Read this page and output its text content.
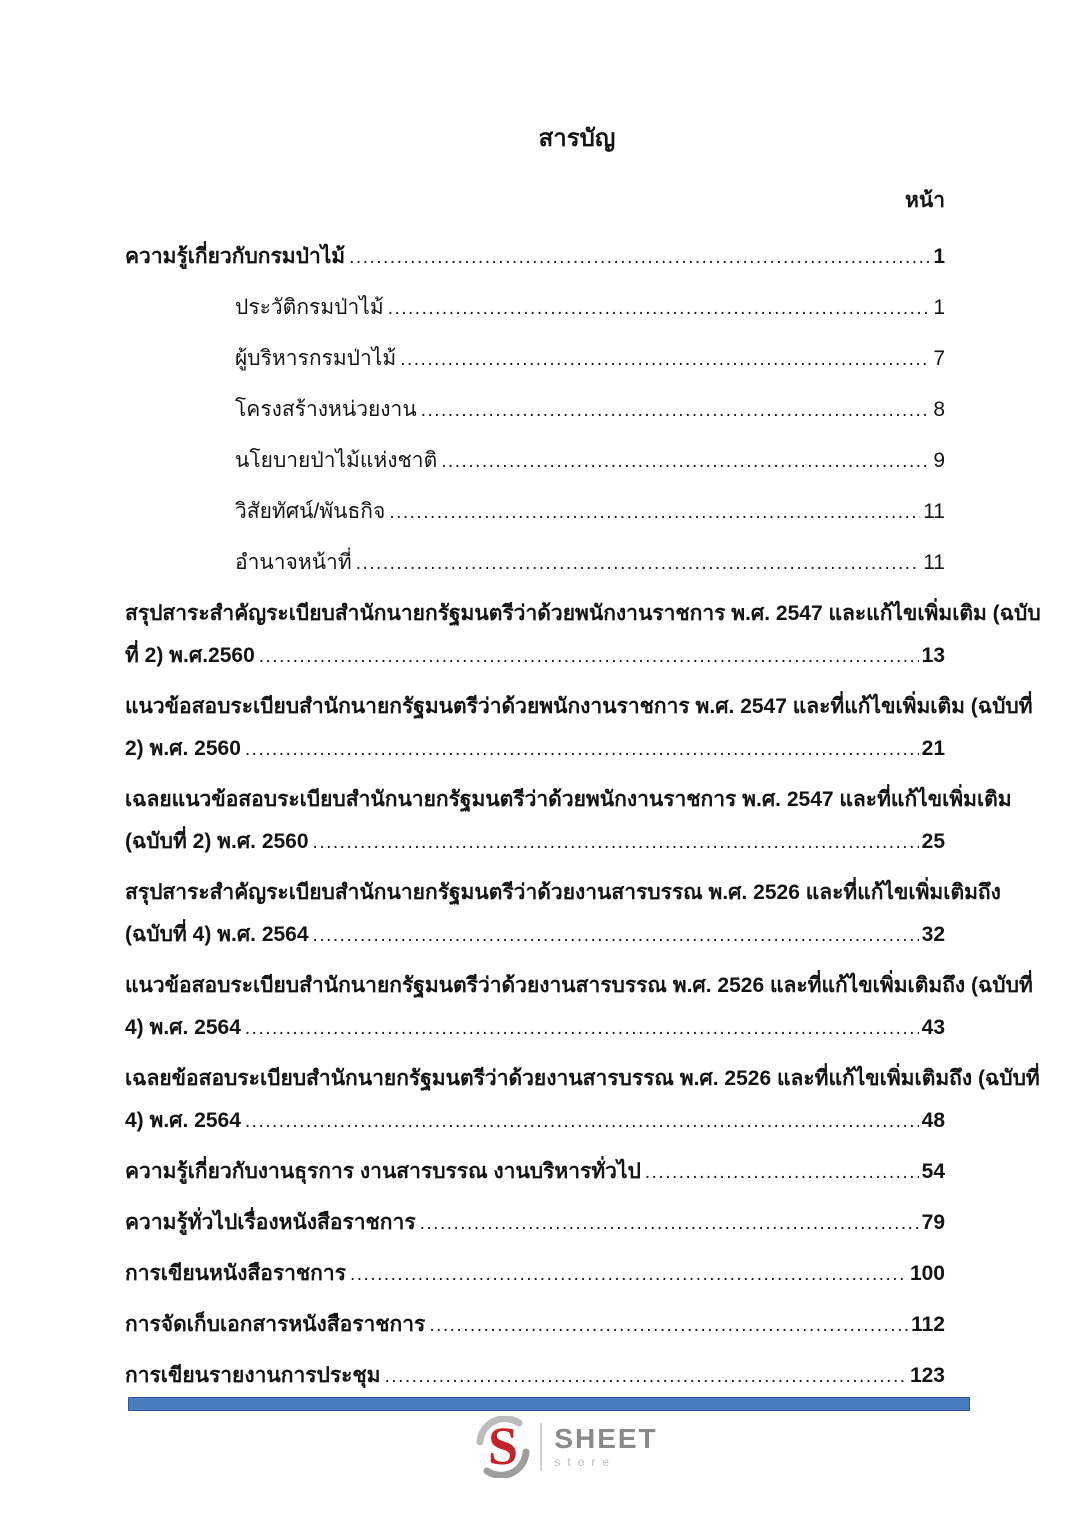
สารบัญ
หน้า
ความรู้เกี่ยวกับกรมป่าไม้ .....	1
ประวัติกรมป่าไม้ .....	1
ผู้บริหารกรมป่าไม้ .....	7
โครงสร้างหน่วยงาน .....	8
นโยบายป่าไม้แห่งชาติ .....	9
วิสัยทัศน์/พันธกิจ .....	11
อำนาจหน้าที่ .....	11
สรุปสาระสำคัญระเบียบสำนักนายกรัฐมนตรีว่าด้วยพนักงานราชการ พ.ศ. 2547 และแก้ไขเพิ่มเติม (ฉบับ
ที่ 2) พ.ศ.2560 .....	13
แนวข้อสอบระเบียบสำนักนายกรัฐมนตรีว่าด้วยพนักงานราชการ พ.ศ. 2547 และที่แก้ไขเพิ่มเติม (ฉบับที่
2) พ.ศ. 2560 .....	21
เฉลยแนวข้อสอบระเบียบสำนักนายกรัฐมนตรีว่าด้วยพนักงานราชการ พ.ศ. 2547 และที่แก้ไขเพิ่มเติม
(ฉบับที่ 2) พ.ศ. 2560 .....	25
สรุปสาระสำคัญระเบียบสำนักนายกรัฐมนตรีว่าด้วยงานสารบรรณ พ.ศ. 2526 และที่แก้ไขเพิ่มเติมถึง
(ฉบับที่ 4) พ.ศ. 2564 .....	32
แนวข้อสอบระเบียบสำนักนายกรัฐมนตรีว่าด้วยงานสารบรรณ พ.ศ. 2526 และที่แก้ไขเพิ่มเติมถึง (ฉบับที่
4) พ.ศ. 2564 .....	43
เฉลยข้อสอบระเบียบสำนักนายกรัฐมนตรีว่าด้วยงานสารบรรณ พ.ศ. 2526 และที่แก้ไขเพิ่มเติมถึง (ฉบับที่
4) พ.ศ. 2564 .....	48
ความรู้เกี่ยวกับงานธุรการ งานสารบรรณ งานบริหารทั่วไป .....	54
ความรู้ทั่วไปเรื่องหนังสือราชการ .....	79
การเขียนหนังสือราชการ .....	100
การจัดเก็บเอกสารหนังสือราชการ .....	112
การเขียนรายงานการประชุม .....	123
S SHEET
store
